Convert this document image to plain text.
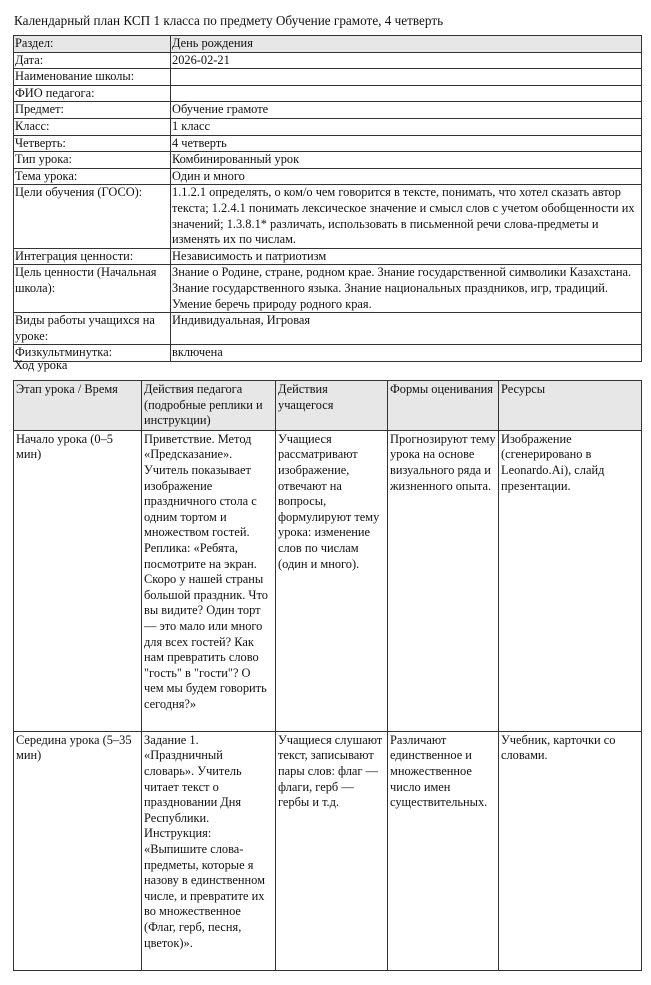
Календарный план КСП 1 класса по предмету Обучение грамоте, 4 четверть
Раздел:	День рождения
Дата:	2026-02-21
Наименование школы:	
ФИО педагога:	
Предмет:	Обучение грамоте
Класс:	1 класс
Четверть:	4 четверть
Тип урока:	Комбинированный урок
Тема урока:	Один и много
Цели обучения (ГОСО):	1.1.2.1 определять, о ком/о чем говорится в тексте, понимать, что хотел сказать автор текста; 1.2.4.1 понимать лексическое значение и смысл слов с учетом обобщенности их значений; 1.3.8.1* различать, использовать в письменной речи слова-предметы и изменять их по числам.
Интеграция ценности:	Независимость и патриотизм
Цель ценности (Начальная школа):	Знание о Родине, стране, родном крае. Знание государственной символики Казахстана. Знание государственного языка. Знание национальных праздников, игр, традиций. Умение беречь природу родного края.
Виды работы учащихся на уроке:	Индивидуальная, Игровая
Физкультминутка:	включена
Ход урока
Этап урока / Время	Действия педагога (подробные реплики и инструкции)	Действия учащегося	Формы оценивания	Ресурсы
Начало урока (0–5 мин)	Приветствие. Метод «Предсказание». Учитель показывает изображение праздничного стола с одним тортом и множеством гостей. Реплика: «Ребята, посмотрите на экран. Скоро у нашей страны большой праздник. Что вы видите? Один торт — это мало или много для всех гостей? Как нам превратить слово "гость" в "гости"? О чем мы будем говорить сегодня?»	Учащиеся рассматривают изображение, отвечают на вопросы, формулируют тему урока: изменение слов по числам (один и много).	Прогнозируют тему урока на основе визуального ряда и жизненного опыта.	Изображение (сгенерировано в Leonardo.Ai), слайд презентации.
Середина урока (5–35 мин)	Задание 1. «Праздничный словарь». Учитель читает текст о праздновании Дня Республики. Инструкция: «Выпишите слова-предметы, которые я назову в единственном числе, и превратите их во множественное (Флаг, герб, песня, цветок)».	Учащиеся слушают текст, записывают пары слов: флаг — флаги, герб — гербы и т.д.	Различают единственное и множественное число имен существительных.	Учебник, карточки со словами.
